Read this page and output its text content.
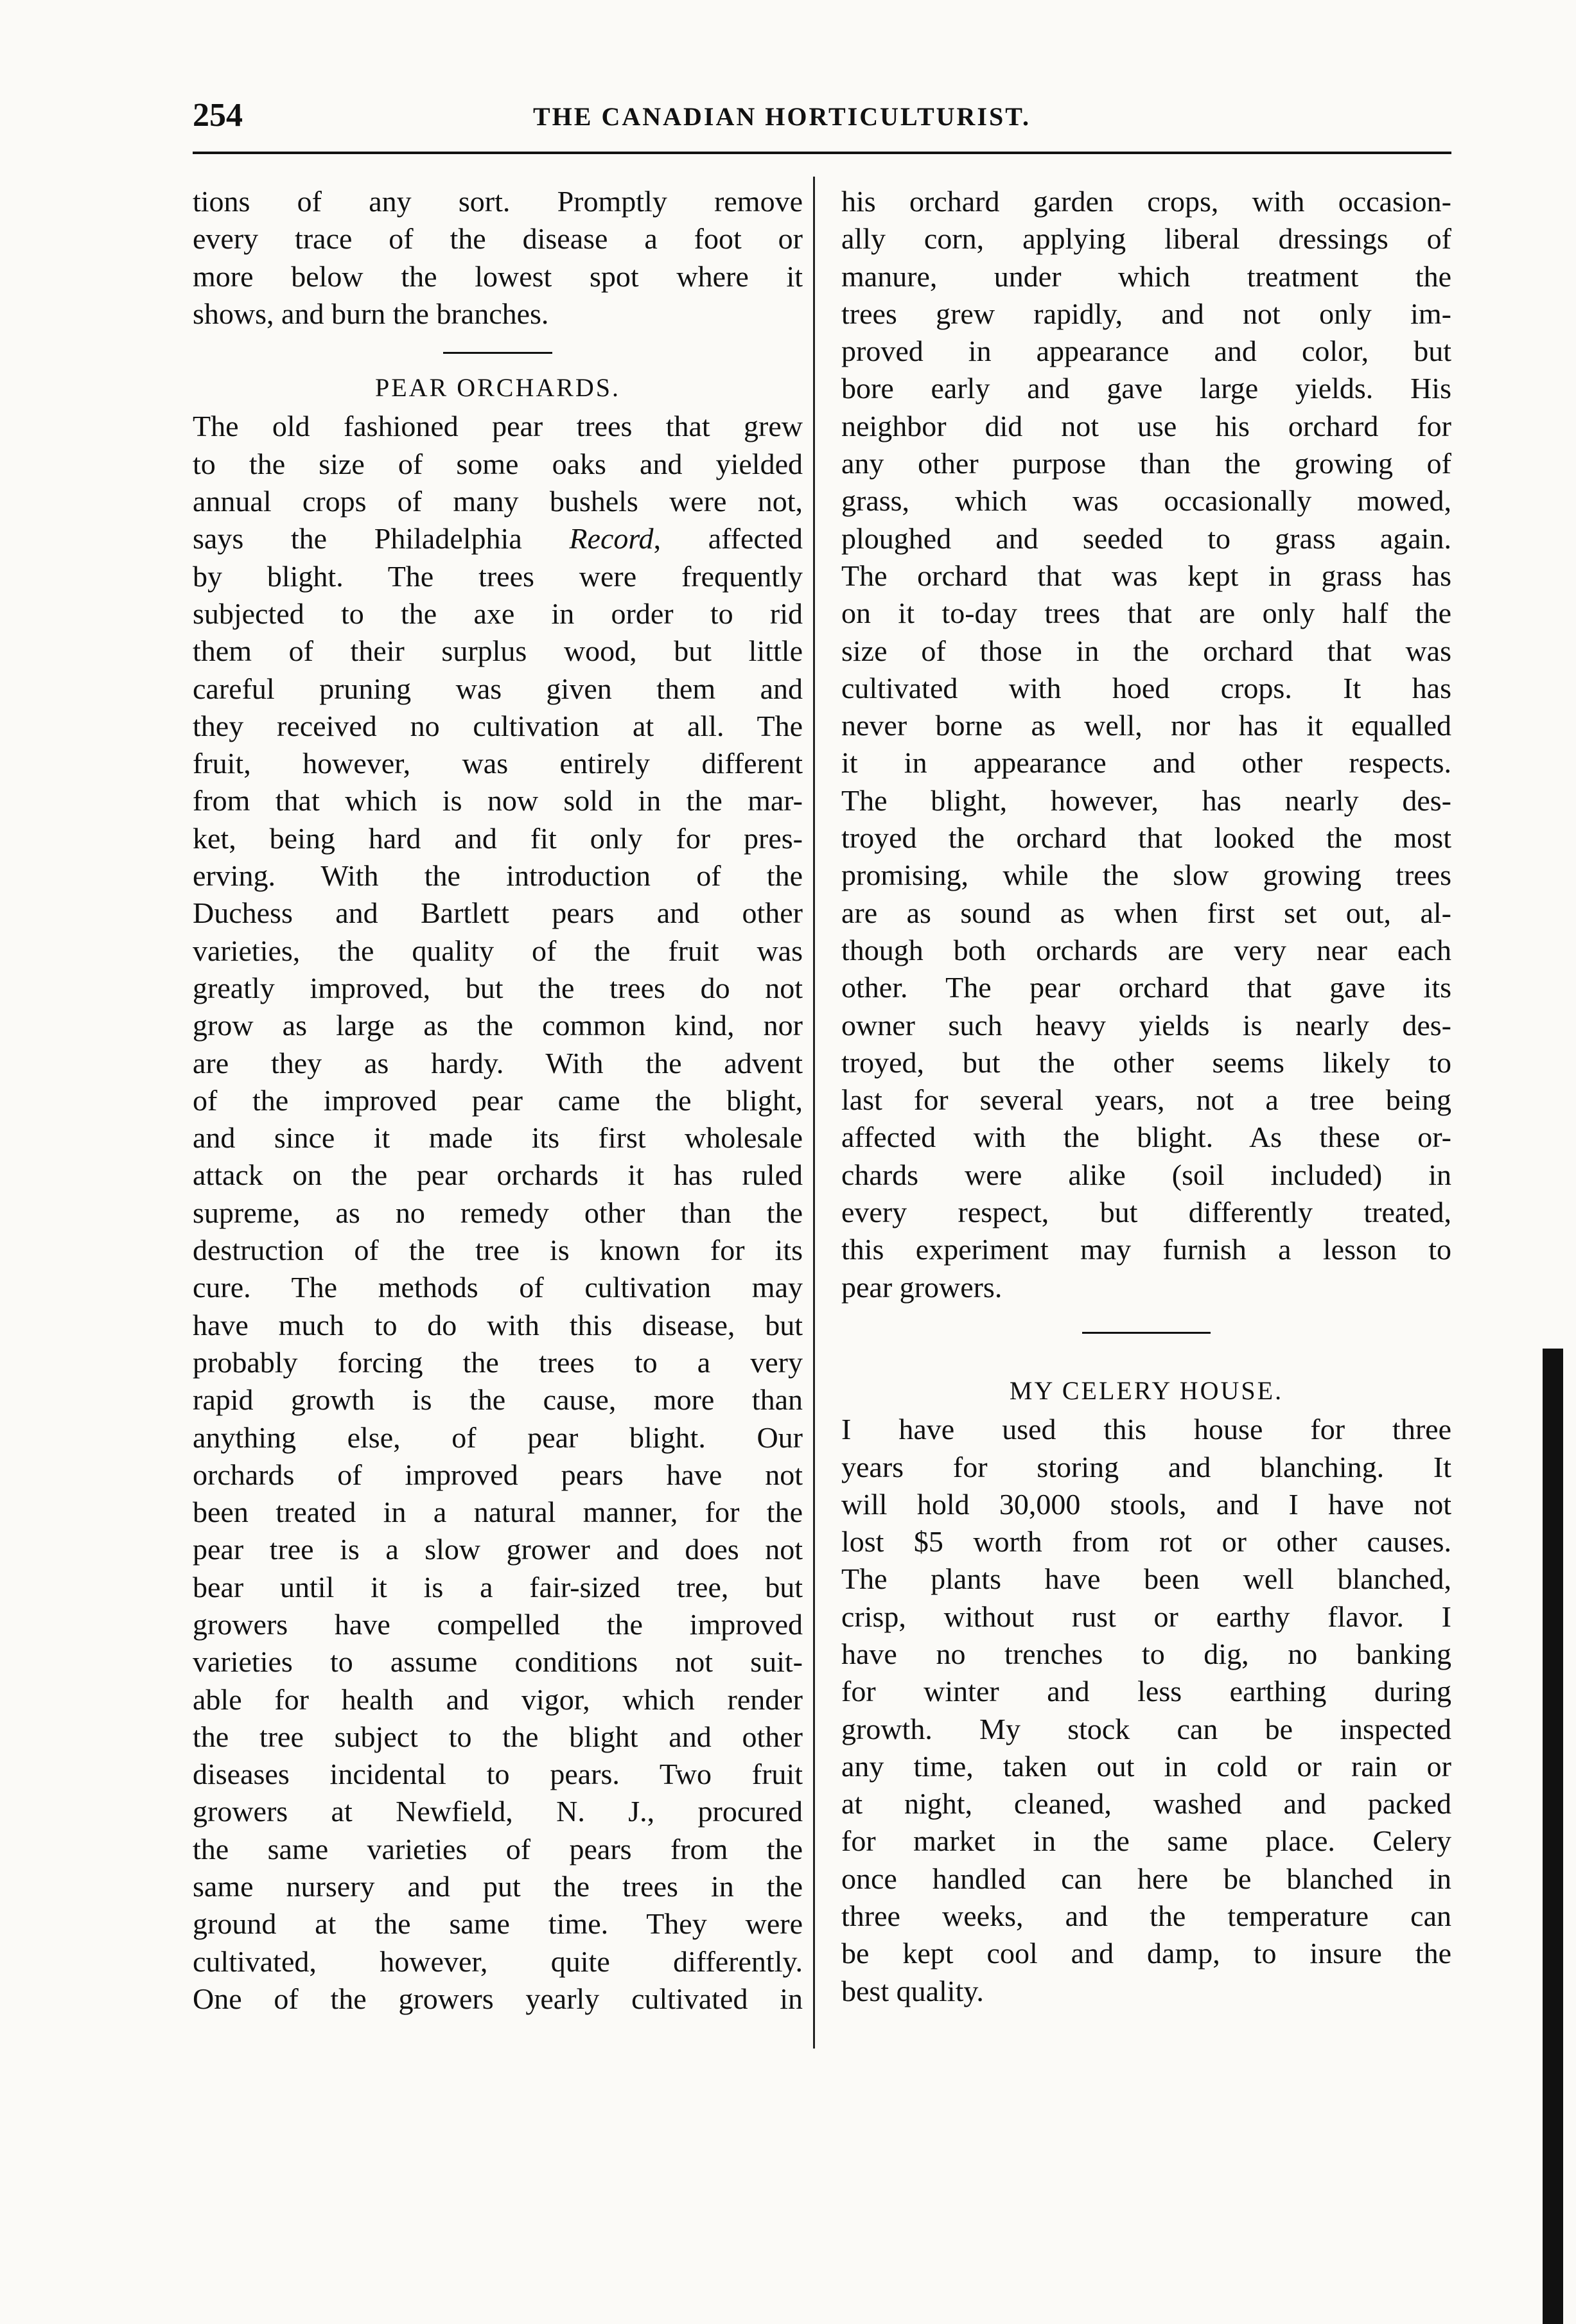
254	THE CANADIAN HORTICULTURIST.
tions of any sort. Promptly remove
every trace of the disease a foot or
more below the lowest spot where it
shows, and burn the branches.
PEAR ORCHARDS.
The old fashioned pear trees that grew
to the size of some oaks and yielded
annual crops of many bushels were not,
says the Philadelphia Record, affected
by blight. The trees were frequently
subjected to the axe in order to rid
them of their surplus wood, but little
careful pruning was given them and
they received no cultivation at all. The
fruit, however, was entirely different
from that which is now sold in the mar-
ket, being hard and fit only for pres-
erving. With the introduction of the
Duchess and Bartlett pears and other
varieties, the quality of the fruit was
greatly improved, but the trees do not
grow as large as the common kind, nor
are they as hardy. With the advent
of the improved pear came the blight,
and since it made its first wholesale
attack on the pear orchards it has ruled
supreme, as no remedy other than the
destruction of the tree is known for its
cure. The methods of cultivation may
have much to do with this disease, but
probably forcing the trees to a very
rapid growth is the cause, more than
anything else, of pear blight. Our
orchards of improved pears have not
been treated in a natural manner, for the
pear tree is a slow grower and does not
bear until it is a fair-sized tree, but
growers have compelled the improved
varieties to assume conditions not suit-
able for health and vigor, which render
the tree subject to the blight and other
diseases incidental to pears. Two fruit
growers at Newfield, N. J., procured
the same varieties of pears from the
same nursery and put the trees in the
ground at the same time. They were
cultivated, however, quite differently.
One of the growers yearly cultivated in
his orchard garden crops, with occasion-
ally corn, applying liberal dressings of
manure, under which treatment the
trees grew rapidly, and not only im-
proved in appearance and color, but
bore early and gave large yields. His
neighbor did not use his orchard for
any other purpose than the growing of
grass, which was occasionally mowed,
ploughed and seeded to grass again.
The orchard that was kept in grass has
on it to-day trees that are only half the
size of those in the orchard that was
cultivated with hoed crops. It has
never borne as well, nor has it equalled
it in appearance and other respects.
The blight, however, has nearly des-
troyed the orchard that looked the most
promising, while the slow growing trees
are as sound as when first set out, al-
though both orchards are very near each
other. The pear orchard that gave its
owner such heavy yields is nearly des-
troyed, but the other seems likely to
last for several years, not a tree being
affected with the blight. As these or-
chards were alike (soil included) in
every respect, but differently treated,
this experiment may furnish a lesson to
pear growers.
MY CELERY HOUSE.
I have used this house for three
years for storing and blanching. It
will hold 30,000 stools, and I have not
lost $5 worth from rot or other causes.
The plants have been well blanched,
crisp, without rust or earthy flavor. I
have no trenches to dig, no banking
for winter and less earthing during
growth. My stock can be inspected
any time, taken out in cold or rain or
at night, cleaned, washed and packed
for market in the same place. Celery
once handled can here be blanched in
three weeks, and the temperature can
be kept cool and damp, to insure the
best quality.
